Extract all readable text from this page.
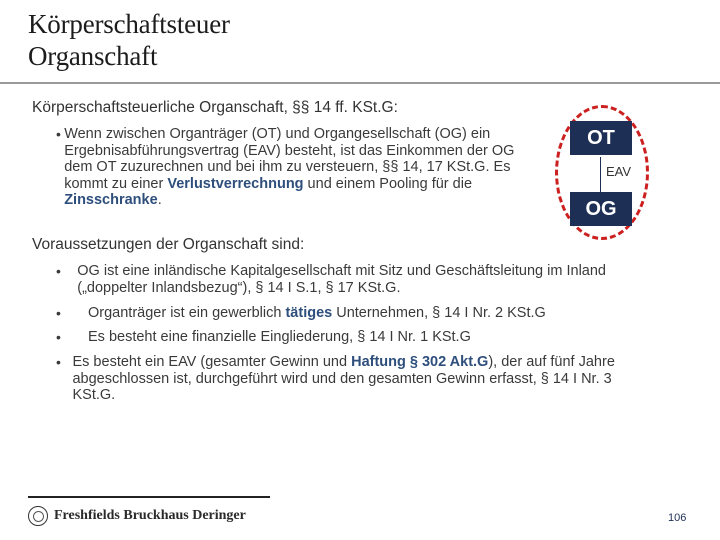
Körperschaftsteuer
Organschaft
Körperschaftsteuerliche Organschaft, §§ 14 ff. KSt.G:
• Wenn zwischen Organträger (OT) und Organgesellschaft (OG) ein Ergebnisabführungsvertrag (EAV) besteht, ist das Einkommen der OG dem OT zuzurechnen und bei ihm zu versteuern, §§ 14, 17 KSt.G. Es kommt zu einer Verlustverrechnung und einem Pooling für die Zinsschranke.
OT
EAV
OG
Voraussetzungen der Organschaft sind:
•	OG ist eine inländische Kapitalgesellschaft mit Sitz und Geschäftsleitung im Inland („doppelter Inlandsbezug“), § 14 I S.1, § 17 KSt.G.
•	Organträger ist ein gewerblich tätiges Unternehmen, § 14 I Nr. 2 KSt.G
•	Es besteht eine finanzielle Eingliederung, § 14 I Nr. 1 KSt.G
• Es besteht ein EAV (gesamter Gewinn und Haftung § 302 Akt.G), der auf fünf Jahre abgeschlossen ist, durchgeführt wird und den gesamten Gewinn erfasst, § 14 I Nr. 3 KSt.G.
Freshfields Bruckhaus Deringer	106
